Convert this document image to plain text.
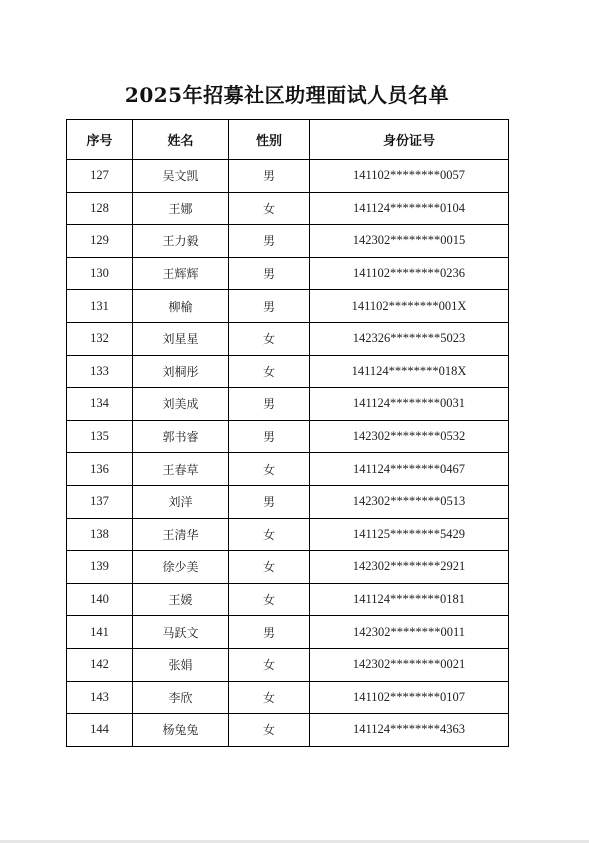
2025年招募社区助理面试人员名单
序号	姓名	性别	身份证号
127	吴文凯	男	141102********0057
128	王娜	女	141124********0104
129	王力毅	男	142302********0015
130	王辉辉	男	141102********0236
131	柳榆	男	141102********001X
132	刘星星	女	142326********5023
133	刘桐彤	女	141124********018X
134	刘美成	男	141124********0031
135	郭书睿	男	142302********0532
136	王春草	女	141124********0467
137	刘洋	男	142302********0513
138	王清华	女	141125********5429
139	徐少美	女	142302********2921
140	王媛	女	141124********0181
141	马跃文	男	142302********0011
142	张娟	女	142302********0021
143	李欣	女	141102********0107
144	杨兔兔	女	141124********4363
